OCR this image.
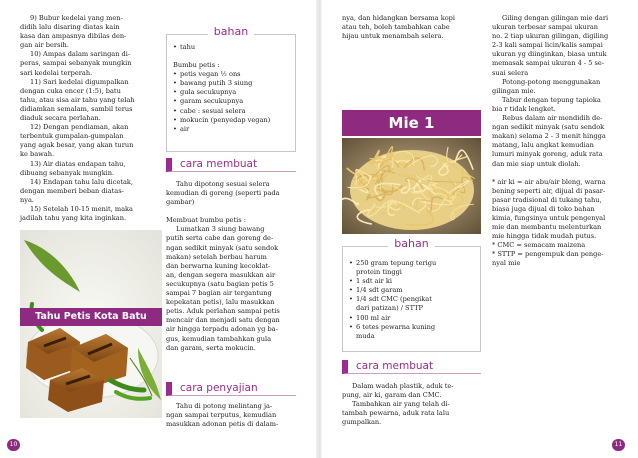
9) Bubur kedelai yang men-

didih lalu disaring diatas kain

kasa dan ampasnya dibilas den-

gan air bersih.

10) Ampas dalam saringan di-

peras, sampai sebanyak mungkin

sari kedelai terperah.

11) Sari kedelai digumpalkan

dengan cuka encer (1:5), batu

tahu, atau sisa air tahu yang telah

didiamkan semalam, sambil terus

diaduk secara perlahan.

12) Dengan pendiaman, akan

terbentuk gumpalan-gumpalan

yang agak besar, yang akan turun

ke bawah.

13) Air diatas endapan tahu,

dibuang sebanyak mungkin.

14) Endapan tahu lalu dicetak,

dengan memberi beban diatas-

nya.

15) Setelah 10-15 menit, maka

jadilah tahu yang kita inginkan.

Tahu Petis Kota Batu
bahan
• tahu
Bumbu petis :
• petis vegan ½ ons
• bawang putih 3 siung
• gula secukupnya
• garam secukupnya
• cabe : sesuai selera
• mokucin (penyedap vegan)
• air
cara membuat

Tahu dipotong sesuai selera

kemudian di goreng (seperti pada

gambar)

Membuat bumbu petis :

Lumatkan 3 siung bawang

putih serta cabe dan goreng de-

ngan sedikit minyak (satu sendok

makan) setelah berbau harum

dan berwarna kuning kecoklat-

an, dengan segera masukkan air

secukupnya (satu bagian petis 5

sampai 7 bagian air tergantung

kepekatan petis), lalu masukkan

petis. Aduk perlahan sampai petis

mencair dan menjadi satu dengan

air hingga terpadu adonan yg ba-

gus, kemudian tambahkan gula

dan garam, serta mokucin.

cara penyajian

Tahu di potong melintang ja-

ngan sampai terputus, kemudian

masukkan adonan petis di dalam-

10

nya, dan hidangkan bersama kopi

atau teh, boleh tambahkan cabe

hijau untuk menambah selera.

Mie 1
bahan
• 250 gram tepung terigu
protein tinggi
• 1 sdt air ki
• 1/4 sdt garam
• 1/4 sdt CMC (pengikat
dari patizan) / STTP
• 100 ml air
• 6 tetes pewarna kuning
muda
cara membuat

Dalam wadah plastik, aduk te-

pung, air ki, garam dan CMC.

Tambahkan air yang telah di-

tambah pewarna, aduk rata lalu

gumpalkan.

Giling dengan gilingan mie dari

ukuran terbesar sampai ukuran

no. 2 tiap ukuran gilingan, digiling

2-3 kali sampai licin/kalis sampai

ukuran yg diinginkan, biasa untuk

memasak sampai ukuran 4 - 5 se-

suai selera

Potong-potong menggunakan

gilingan mie.

Tabur dengan tepung tapioka

bia r tidak lengket.

Rebus dalam air mendidih de-

ngan sedikit minyak (satu sendok

makan) selama 2 - 3 menit hingga

matang, lalu angkat kemudian

lumuri minyak goreng, aduk rata

dan mie siap untuk diolah.

* air ki = air abu/air bleng, warna

bening seperti air, dijual di pasar-

pasar tradisional di tukang tahu,

biasa juga dijual di toko bahan

kimia, fungsinya untuk pengenyal

mie dan membantu melenturkan

mie hingga tidak mudah putus.

* CMC = semacam maizena

* STTP = pengempuk dan penge-

nyal mie

11
